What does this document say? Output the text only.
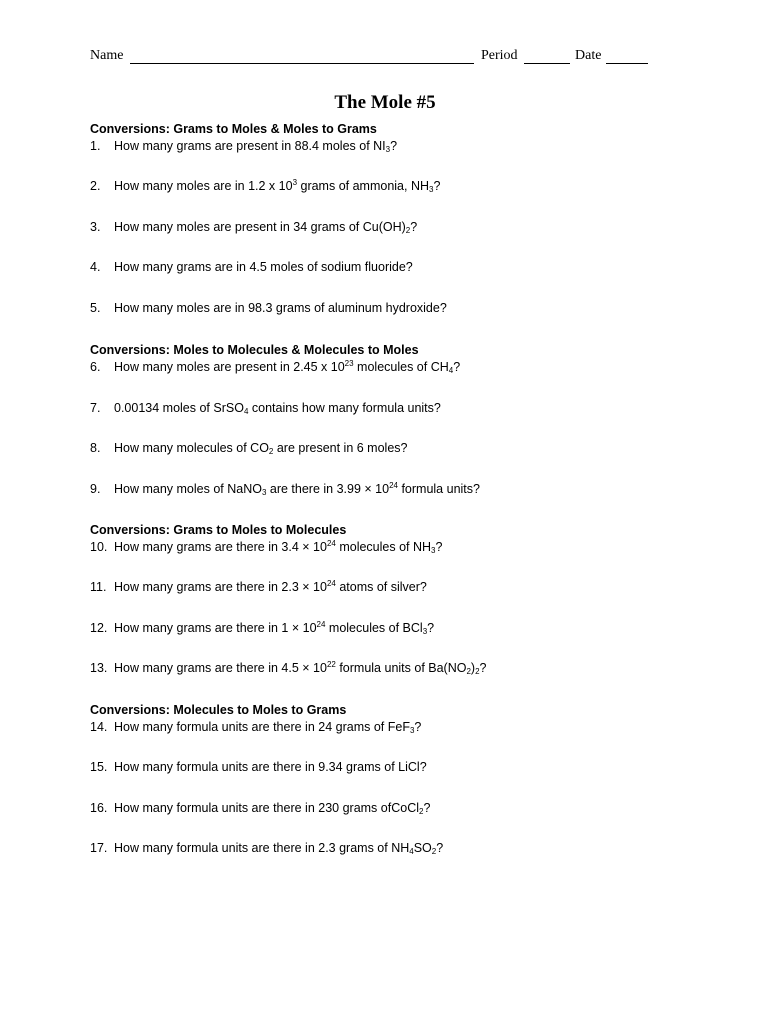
Name	Period	Date
The Mole #5
Conversions: Grams to Moles & Moles to Grams
1. How many grams are present in 88.4 moles of $NI_3$?
2. How many moles are in 1.2 x $10^3$ grams of ammonia, $NH_3$?
3. How many moles are present in 34 grams of $Cu(OH)_2$?
4. How many grams are in 4.5 moles of sodium fluoride?
5. How many moles are in 98.3 grams of aluminum hydroxide?
Conversions: Moles to Molecules & Molecules to Moles
6. How many moles are present in 2.45 x $10^{23}$ molecules of $CH_4$?
7. 0.00134 moles of SrSO$_4$ contains how many formula units?
8. How many molecules of $CO_2$ are present in 6 moles?
9. How many moles of NaNO$_3$ are there in $3.99 \times 10^{24}$ formula units?
Conversions: Grams to Moles to Molecules
10. How many grams are there in $3.4 \times 10^{24}$ molecules of $NH_3$?
11. How many grams are there in $2.3 \times 10^{24}$ atoms of silver?
12. How many grams are there in $1 \times 10^{24}$ molecules of BCl$_3$?
13. How many grams are there in $4.5 \times 10^{22}$ formula units of $Ba(NO_2)_2$?
Conversions: Molecules to Moles to Grams
14. How many formula units are there in 24 grams of FeF$_3$?
15. How many formula units are there in 9.34 grams of LiCl?
16. How many formula units are there in 230 grams ofCoCl$_2$?
17. How many formula units are there in 2.3 grams of $NH_4SO_2$?
